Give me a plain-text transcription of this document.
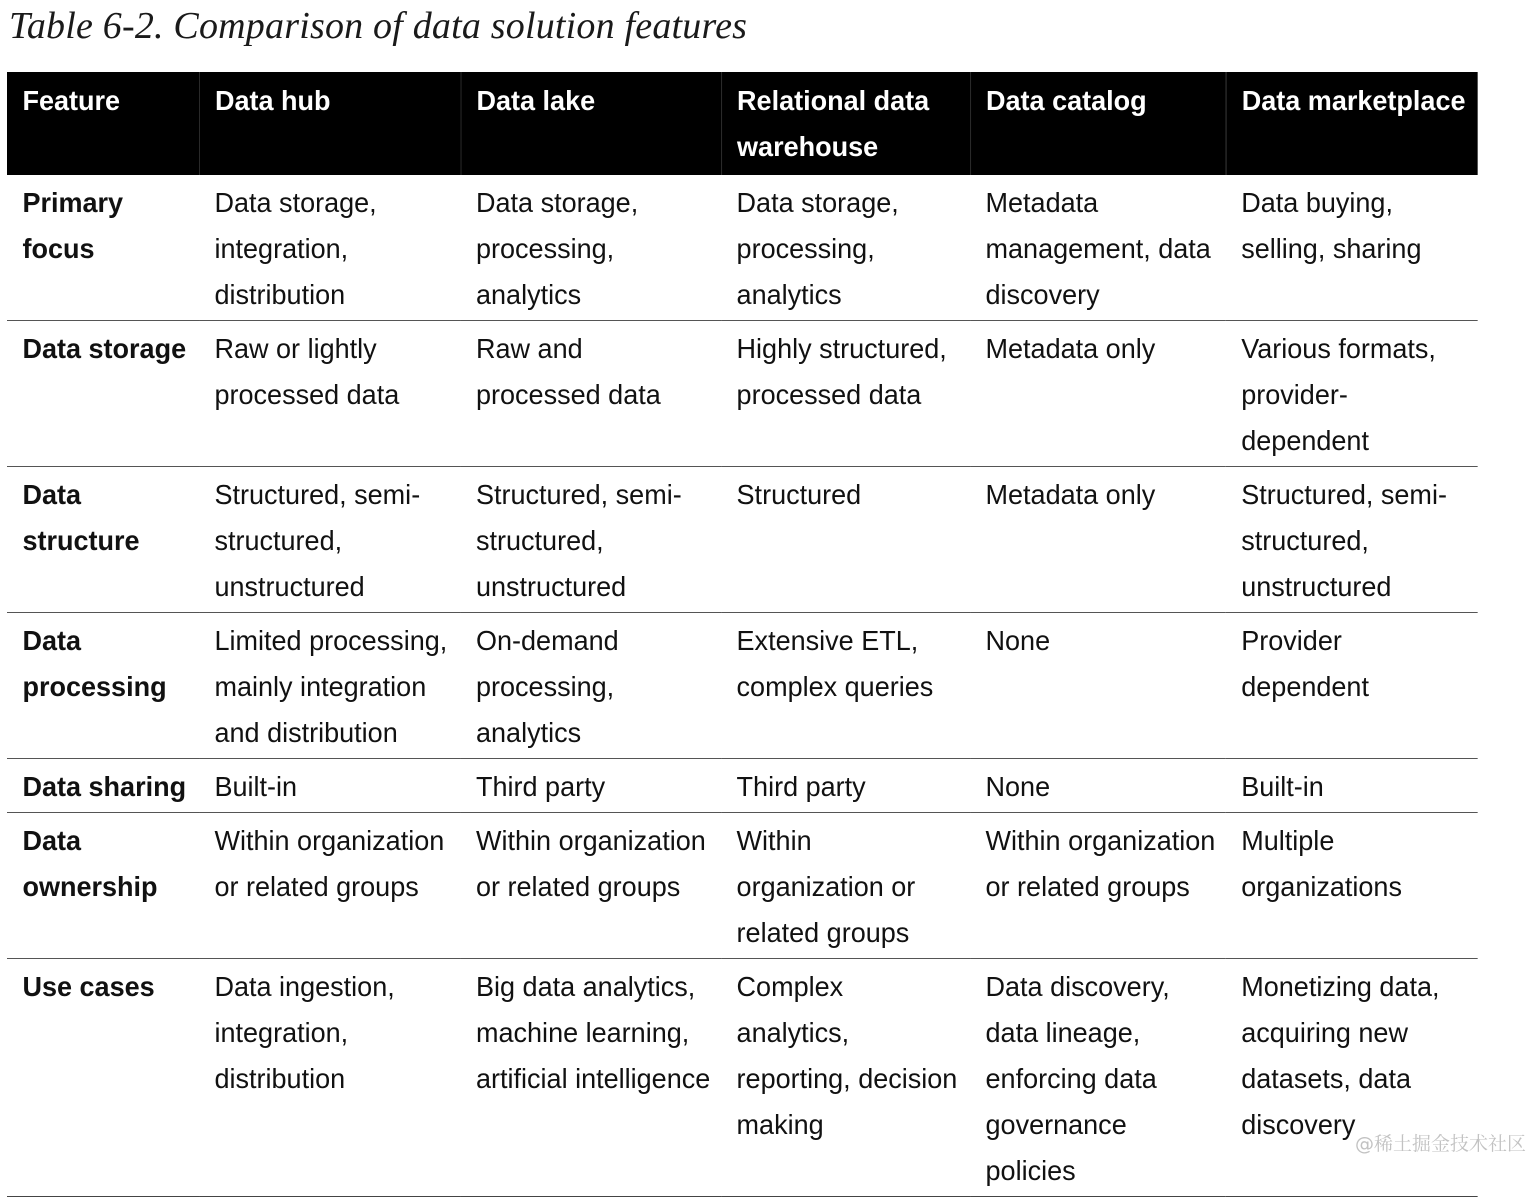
Table 6-2. Comparison of data solution features
Feature	Data hub	Data lake	Relational data warehouse	Data catalog	Data marketplace
Primary focus	Data storage, integration, distribution	Data storage, processing, analytics	Data storage, processing, analytics	Metadata management, data discovery	Data buying, selling, sharing
Data storage	Raw or lightly processed data	Raw and processed data	Highly structured, processed data	Metadata only	Various formats, provider-dependent
Data structure	Structured, semi-structured, unstructured	Structured, semi-structured, unstructured	Structured	Metadata only	Structured, semi-structured, unstructured
Data processing	Limited processing, mainly integration and distribution	On-demand processing, analytics	Extensive ETL, complex queries	None	Provider dependent
Data sharing	Built-in	Third party	Third party	None	Built-in
Data ownership	Within organization or related groups	Within organization or related groups	Within organization or related groups	Within organization or related groups	Multiple organizations
Use cases	Data ingestion, integration, distribution	Big data analytics, machine learning, artificial intelligence	Complex analytics, reporting, decision making	Data discovery, data lineage, enforcing data governance policies	Monetizing data, acquiring new datasets, data discovery
@稀土掘金技术社区
